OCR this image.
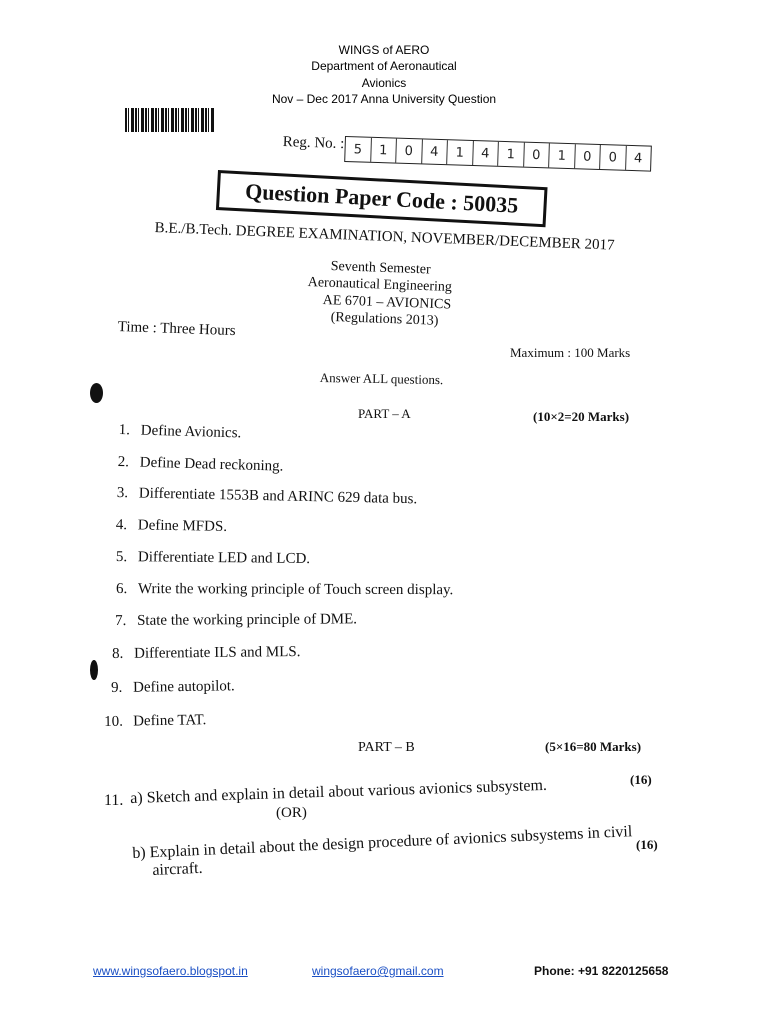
WINGS of AERO
Department of Aeronautical
Avionics
Nov – Dec 2017 Anna University Question
Reg. No. : 5	1	0	4	1	4	1	0	1	0	0	4
Question Paper Code : 50035
B.E./B.Tech. DEGREE EXAMINATION, NOVEMBER/DECEMBER 2017
Seventh Semester
Aeronautical Engineering
AE 6701 – AVIONICS
(Regulations 2013)
Time : Three Hours
Maximum : 100 Marks
Answer ALL questions.
PART – A	(10×2=20 Marks)
1. Define Avionics.
2. Define Dead reckoning.
3. Differentiate 1553B and ARINC 629 data bus.
4. Define MFDS.
5. Differentiate LED and LCD.
6. Write the working principle of Touch screen display.
7. State the working principle of DME.
8. Differentiate ILS and MLS.
9. Define autopilot.
10. Define TAT.
PART – B	(5×16=80 Marks)
11. a) Sketch and explain in detail about various avionics subsystem.	(16)
(OR)
b) Explain in detail about the design procedure of avionics subsystems in civil
aircraft.
(16)
www.wingsofaero.blogspot.in	wingsofaero@gmail.com	Phone: +91 8220125658
